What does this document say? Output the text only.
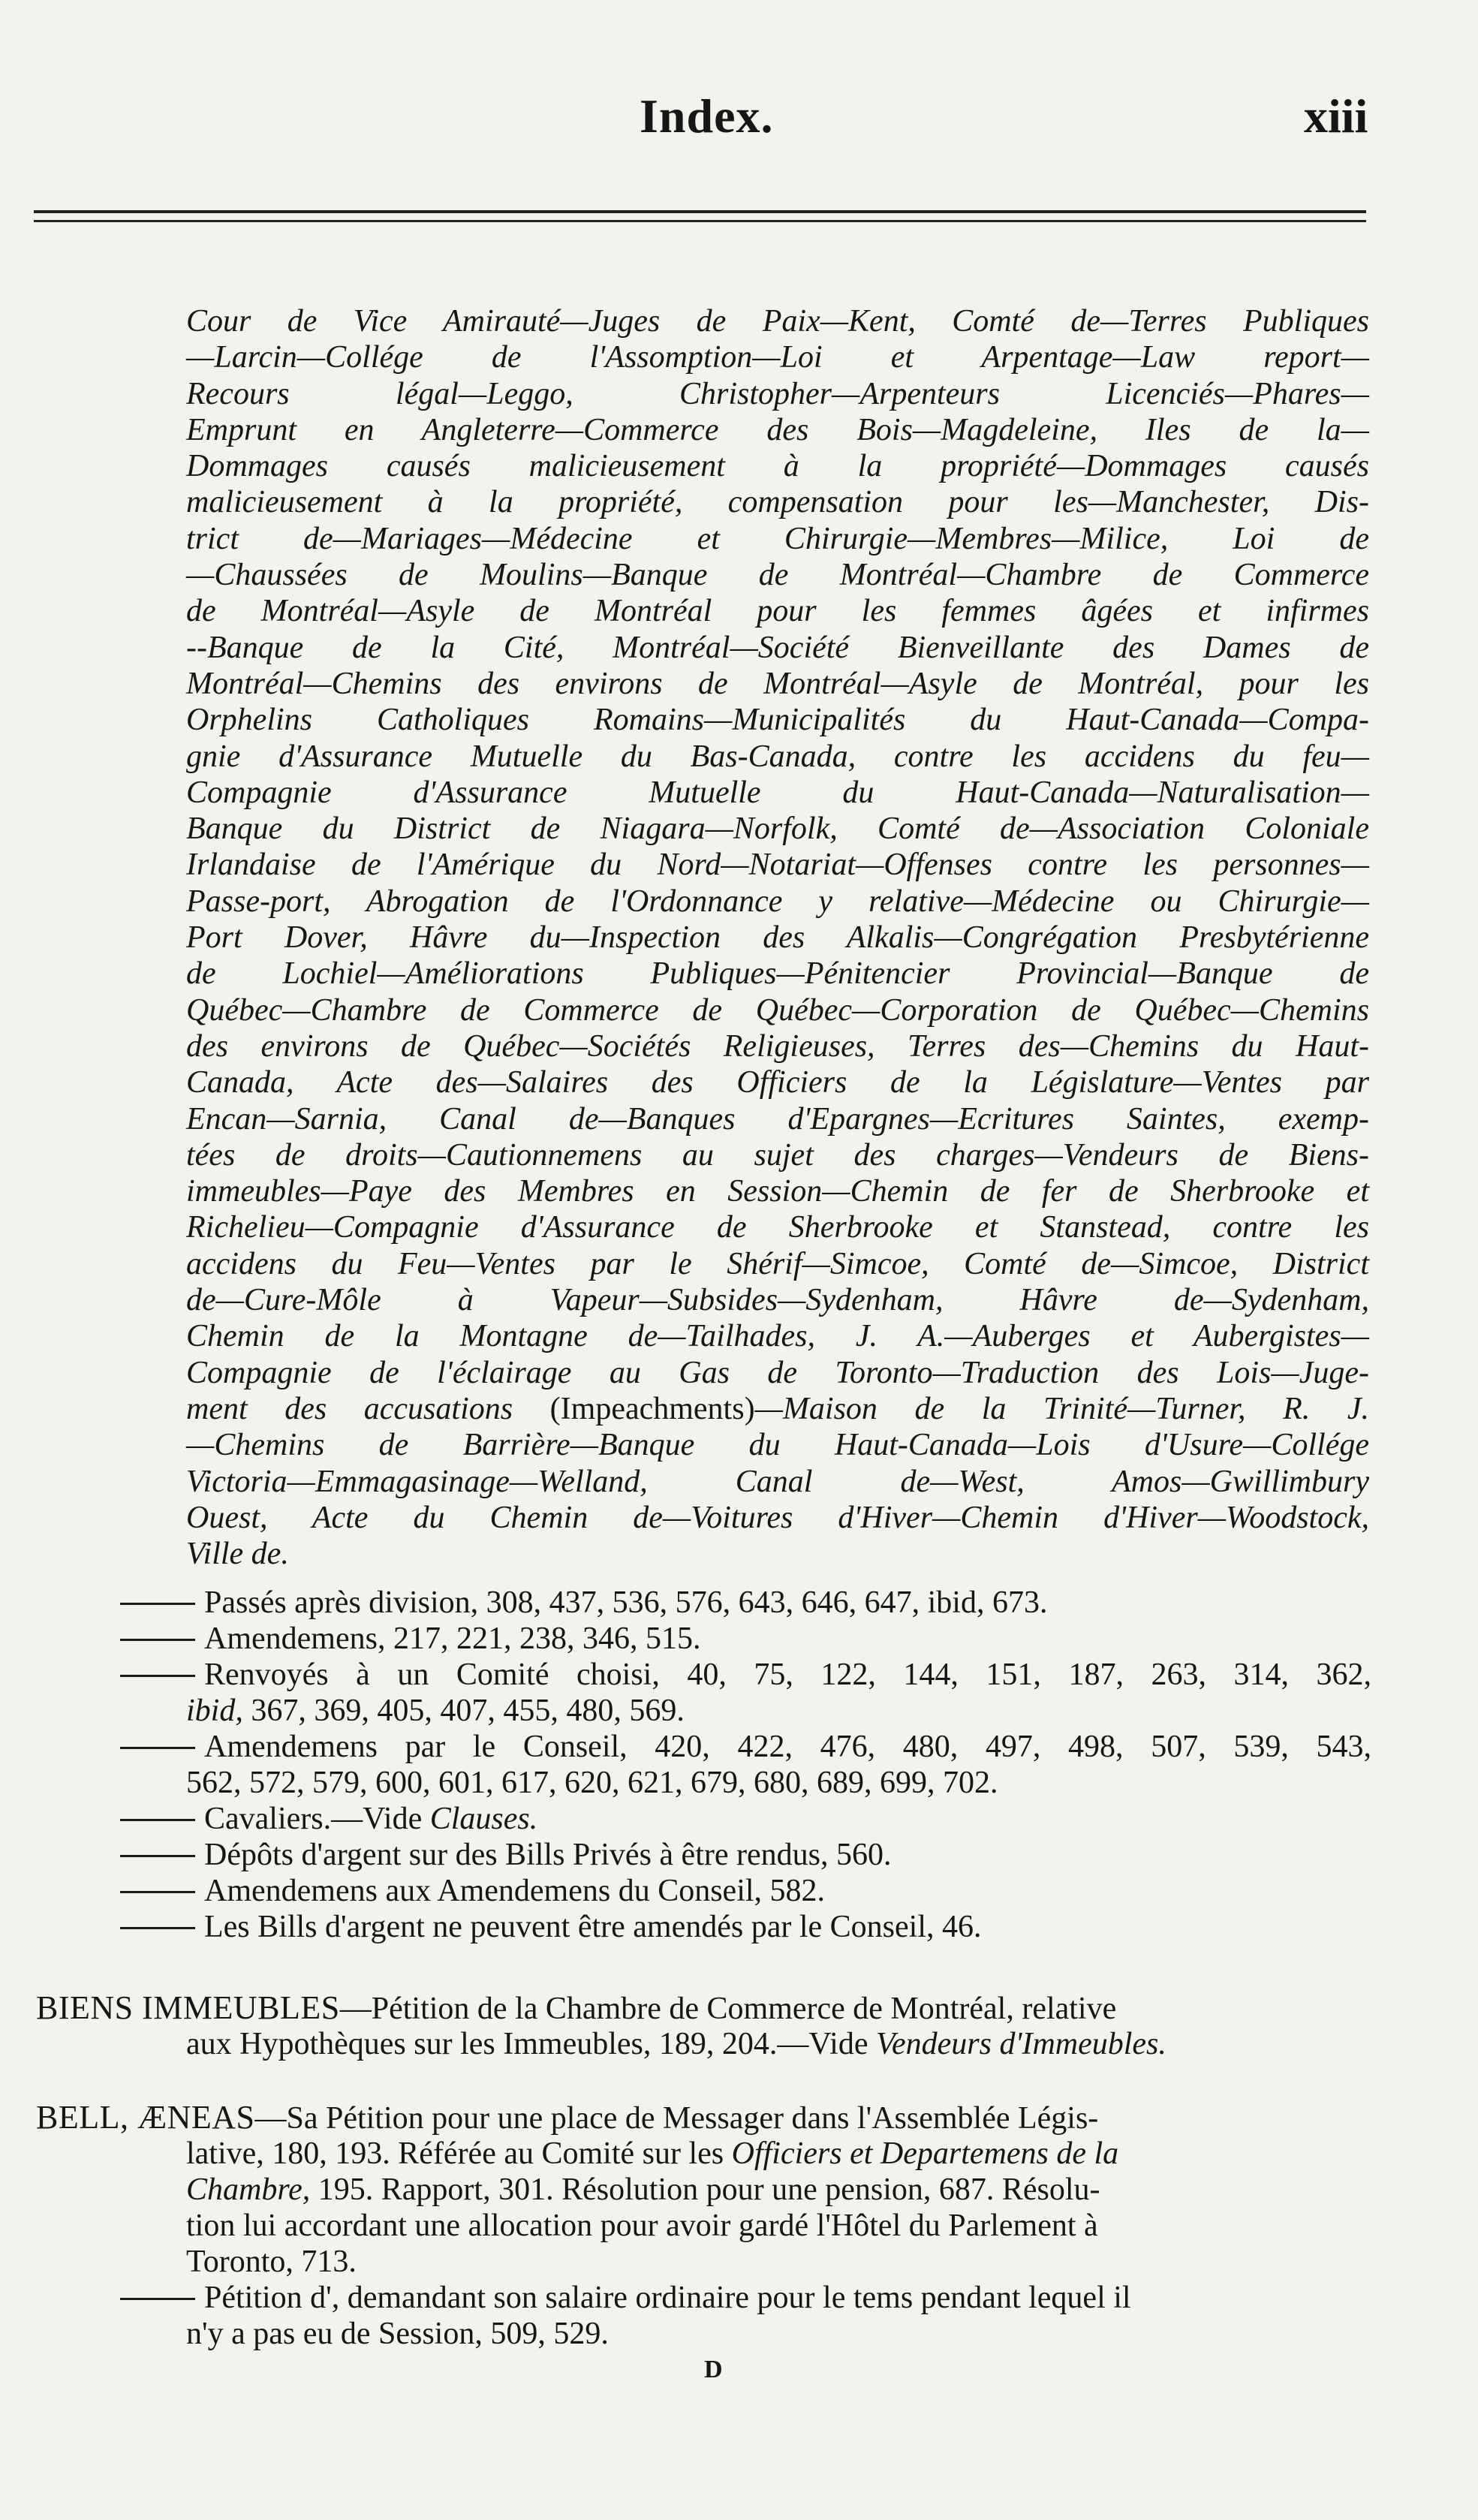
Index.	xiii
Cour de Vice Amirauté—Juges de Paix—Kent, Comté de—Terres Publiques
—Larcin—Collége de l'Assomption—Loi et Arpentage—Law report—
Recours légal—Leggo, Christopher—Arpenteurs Licenciés—Phares—
Emprunt en Angleterre—Commerce des Bois—Magdeleine, Iles de la—
Dommages causés malicieusement à la propriété—Dommages causés
malicieusement à la propriété, compensation pour les—Manchester, Dis-
trict de—Mariages—Médecine et Chirurgie—Membres—Milice, Loi de
—Chaussées de Moulins—Banque de Montréal—Chambre de Commerce
de Montréal—Asyle de Montréal pour les femmes âgées et infirmes
--Banque de la Cité, Montréal—Société Bienveillante des Dames de
Montréal—Chemins des environs de Montréal—Asyle de Montréal, pour les
Orphelins Catholiques Romains—Municipalités du Haut-Canada—Compa-
gnie d'Assurance Mutuelle du Bas-Canada, contre les accidens du feu—
Compagnie d'Assurance Mutuelle du Haut-Canada—Naturalisation—
Banque du District de Niagara—Norfolk, Comté de—Association Coloniale
Irlandaise de l'Amérique du Nord—Notariat—Offenses contre les personnes—
Passe-port, Abrogation de l'Ordonnance y relative—Médecine ou Chirurgie—
Port Dover, Hâvre du—Inspection des Alkalis—Congrégation Presbytérienne
de Lochiel—Améliorations Publiques—Pénitencier Provincial—Banque de
Québec—Chambre de Commerce de Québec—Corporation de Québec—Chemins
des environs de Québec—Sociétés Religieuses, Terres des—Chemins du Haut-
Canada, Acte des—Salaires des Officiers de la Législature—Ventes par
Encan—Sarnia, Canal de—Banques d'Epargnes—Ecritures Saintes, exemp-
tées de droits—Cautionnemens au sujet des charges—Vendeurs de Biens-
immeubles—Paye des Membres en Session—Chemin de fer de Sherbrooke et
Richelieu—Compagnie d'Assurance de Sherbrooke et Stanstead, contre les
accidens du Feu—Ventes par le Shérif—Simcoe, Comté de—Simcoe, District
de—Cure-Môle à Vapeur—Subsides—Sydenham, Hâvre de—Sydenham,
Chemin de la Montagne de—Tailhades, J. A.—Auberges et Aubergistes—
Compagnie de l'éclairage au Gas de Toronto—Traduction des Lois—Juge-
ment des accusations (Impeachments)—Maison de la Trinité—Turner, R. J.
—Chemins de Barrière—Banque du Haut-Canada—Lois d'Usure—Collége
Victoria—Emmagasinage—Welland, Canal de—West, Amos—Gwillimbury
Ouest, Acte du Chemin de—Voitures d'Hiver—Chemin d'Hiver—Woodstock,
Ville de.
Passés après division, 308, 437, 536, 576, 643, 646, 647, ibid, 673.
Amendemens, 217, 221, 238, 346, 515.
Renvoyés à un Comité choisi, 40, 75, 122, 144, 151, 187, 263, 314, 362,
ibid, 367, 369, 405, 407, 455, 480, 569.
Amendemens par le Conseil, 420, 422, 476, 480, 497, 498, 507, 539, 543,
562, 572, 579, 600, 601, 617, 620, 621, 679, 680, 689, 699, 702.
Cavaliers.—Vide Clauses.
Dépôts d'argent sur des Bills Privés à être rendus, 560.
Amendemens aux Amendemens du Conseil, 582.
Les Bills d'argent ne peuvent être amendés par le Conseil, 46.
BIENS IMMEUBLES—Pétition de la Chambre de Commerce de Montréal, relative
aux Hypothèques sur les Immeubles, 189, 204.—Vide Vendeurs d'Immeubles.
BELL, ÆNEAS—Sa Pétition pour une place de Messager dans l'Assemblée Légis-
lative, 180, 193. Référée au Comité sur les Officiers et Departemens de la
Chambre, 195. Rapport, 301. Résolution pour une pension, 687. Résolu-
tion lui accordant une allocation pour avoir gardé l'Hôtel du Parlement à
Toronto, 713.
Pétition d', demandant son salaire ordinaire pour le tems pendant lequel il
n'y a pas eu de Session, 509, 529.
D
